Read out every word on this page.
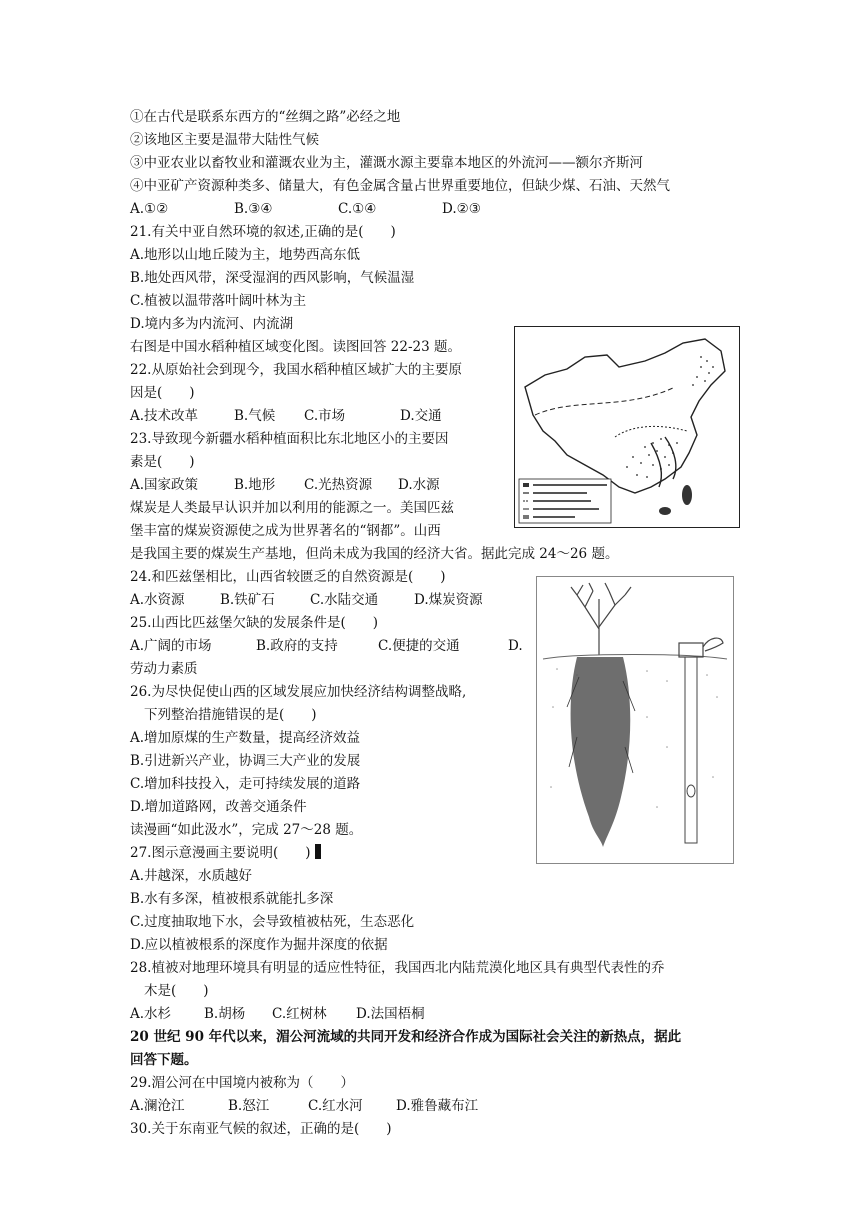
①在古代是联系东西方的“丝绸之路”必经之地
②该地区主要是温带大陆性气候
③中亚农业以畜牧业和灌溉农业为主，灌溉水源主要靠本地区的外流河——额尔齐斯河
④中亚矿产资源种类多、储量大，有色金属含量占世界重要地位，但缺少煤、石油、天然气
A.①②	B.③④	C.①④	D.②③
21.有关中亚自然环境的叙述,正确的是(　　)
A.地形以山地丘陵为主，地势西高东低
B.地处西风带，深受湿润的西风影响，气候温湿
C.植被以温带落叶阔叶林为主
D.境内多为内流河、内流湖
右图是中国水稻种植区域变化图。读图回答 22-23 题。
22.从原始社会到现今，我国水稻种植区域扩大的主要原
因是(　　)
A.技术改革	B.气候 C.市场	D.交通
23.导致现今新疆水稻种植面积比东北地区小的主要因
素是(　　)
A.国家政策	B.地形 C.光热资源 D.水源
煤炭是人类最早认识并加以利用的能源之一。美国匹兹
堡丰富的煤炭资源使之成为世界著名的“钢都”。山西
是我国主要的煤炭生产基地，但尚未成为我国的经济大省。据此完成 24～26 题。
24.和匹兹堡相比，山西省较匮乏的自然资源是(　　)
A.水资源	B.铁矿石	C.水陆交通	D.煤炭资源
25.山西比匹兹堡欠缺的发展条件是(　　)
A.广阔的市场	B.政府的支持	C.便捷的交通	D.
劳动力素质
26.为尽快促使山西的区域发展应加快经济结构调整战略,
下列整治措施错误的是(　　)
A.增加原煤的生产数量，提高经济效益
B.引进新兴产业，协调三大产业的发展
C.增加科技投入，走可持续发展的道路
D.增加道路网，改善交通条件
读漫画“如此汲水”，完成 27～28 题。
27.图示意漫画主要说明(　　)
A.井越深，水质越好
B.水有多深，植被根系就能扎多深
C.过度抽取地下水，会导致植被枯死，生态恶化
D.应以植被根系的深度作为掘井深度的依据
28.植被对地理环境具有明显的适应性特征，我国西北内陆荒漠化地区具有典型代表性的乔
木是(　　)
A.水杉 B.胡杨 C.红树林 D.法国梧桐
20 世纪 90 年代以来，湄公河流域的共同开发和经济合作成为国际社会关注的新热点，据此
回答下题。
29.湄公河在中国境内被称为（　　）
A.澜沧江	B.怒江	C.红水河 D.雅鲁藏布江
30.关于东南亚气候的叙述，正确的是(　　)
